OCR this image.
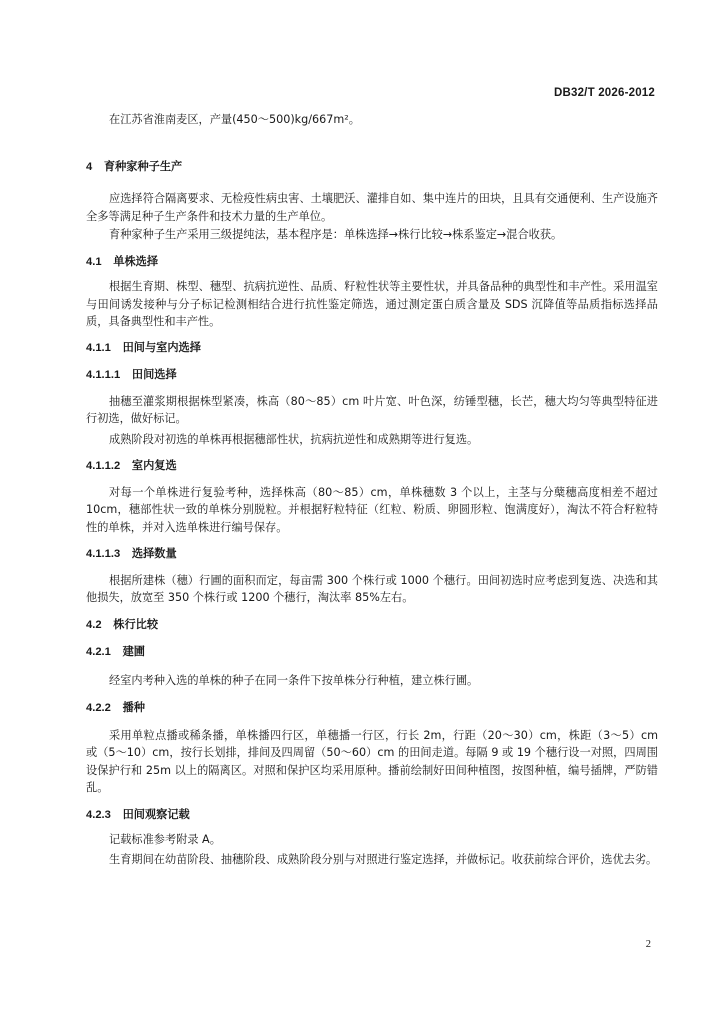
DB32/T 2026-2012

在江苏省淮南麦区，产量(450～500)kg/667m²。

4 育种家种子生产

应选择符合隔离要求、无检疫性病虫害、土壤肥沃、灌排自如、集中连片的田块，且具有交通便利、生产设施齐全多等满足种子生产条件和技术力量的生产单位。

育种家种子生产采用三级提纯法，基本程序是：单株选择→株行比较→株系鉴定→混合收获。

4.1 单株选择

根据生育期、株型、穗型、抗病抗逆性、品质、籽粒性状等主要性状，并具备品种的典型性和丰产性。采用温室与田间诱发接种与分子标记检测相结合进行抗性鉴定筛选，通过测定蛋白质含量及 SDS 沉降值等品质指标选择品质，具备典型性和丰产性。

4.1.1 田间与室内选择

4.1.1.1 田间选择

抽穗至灌浆期根据株型紧凑，株高（80～85）cm 叶片宽、叶色深，纺锤型穗，长芒，穗大均匀等典型特征进行初选，做好标记。

成熟阶段对初选的单株再根据穗部性状，抗病抗逆性和成熟期等进行复选。

4.1.1.2 室内复选

对每一个单株进行复验考种，选择株高（80～85）cm，单株穗数 3 个以上，主茎与分蘖穗高度相差不超过 10cm，穗部性状一致的单株分别脱粒。并根据籽粒特征（红粒、粉质、卵圆形粒、饱满度好），淘汰不符合籽粒特性的单株，并对入选单株进行编号保存。

4.1.1.3 选择数量

根据所建株（穗）行圃的面积而定，每亩需 300 个株行或 1000 个穗行。田间初选时应考虑到复选、决选和其他损失，放宽至 350 个株行或 1200 个穗行，淘汰率 85%左右。

4.2 株行比较

4.2.1 建圃

经室内考种入选的单株的种子在同一条件下按单株分行种植，建立株行圃。

4.2.2 播种

采用单粒点播或稀条播，单株播四行区，单穗播一行区，行长 2m，行距（20～30）cm，株距（3～5）cm 或（5～10）cm，按行长划排，排间及四周留（50～60）cm 的田间走道。每隔 9 或 19 个穗行设一对照，四周围设保护行和 25m 以上的隔离区。对照和保护区均采用原种。播前绘制好田间种植图，按图种植，编号插牌，严防错乱。

4.2.3 田间观察记载

记载标准参考附录 A。

生育期间在幼苗阶段、抽穗阶段、成熟阶段分别与对照进行鉴定选择，并做标记。收获前综合评价，选优去劣。

2
